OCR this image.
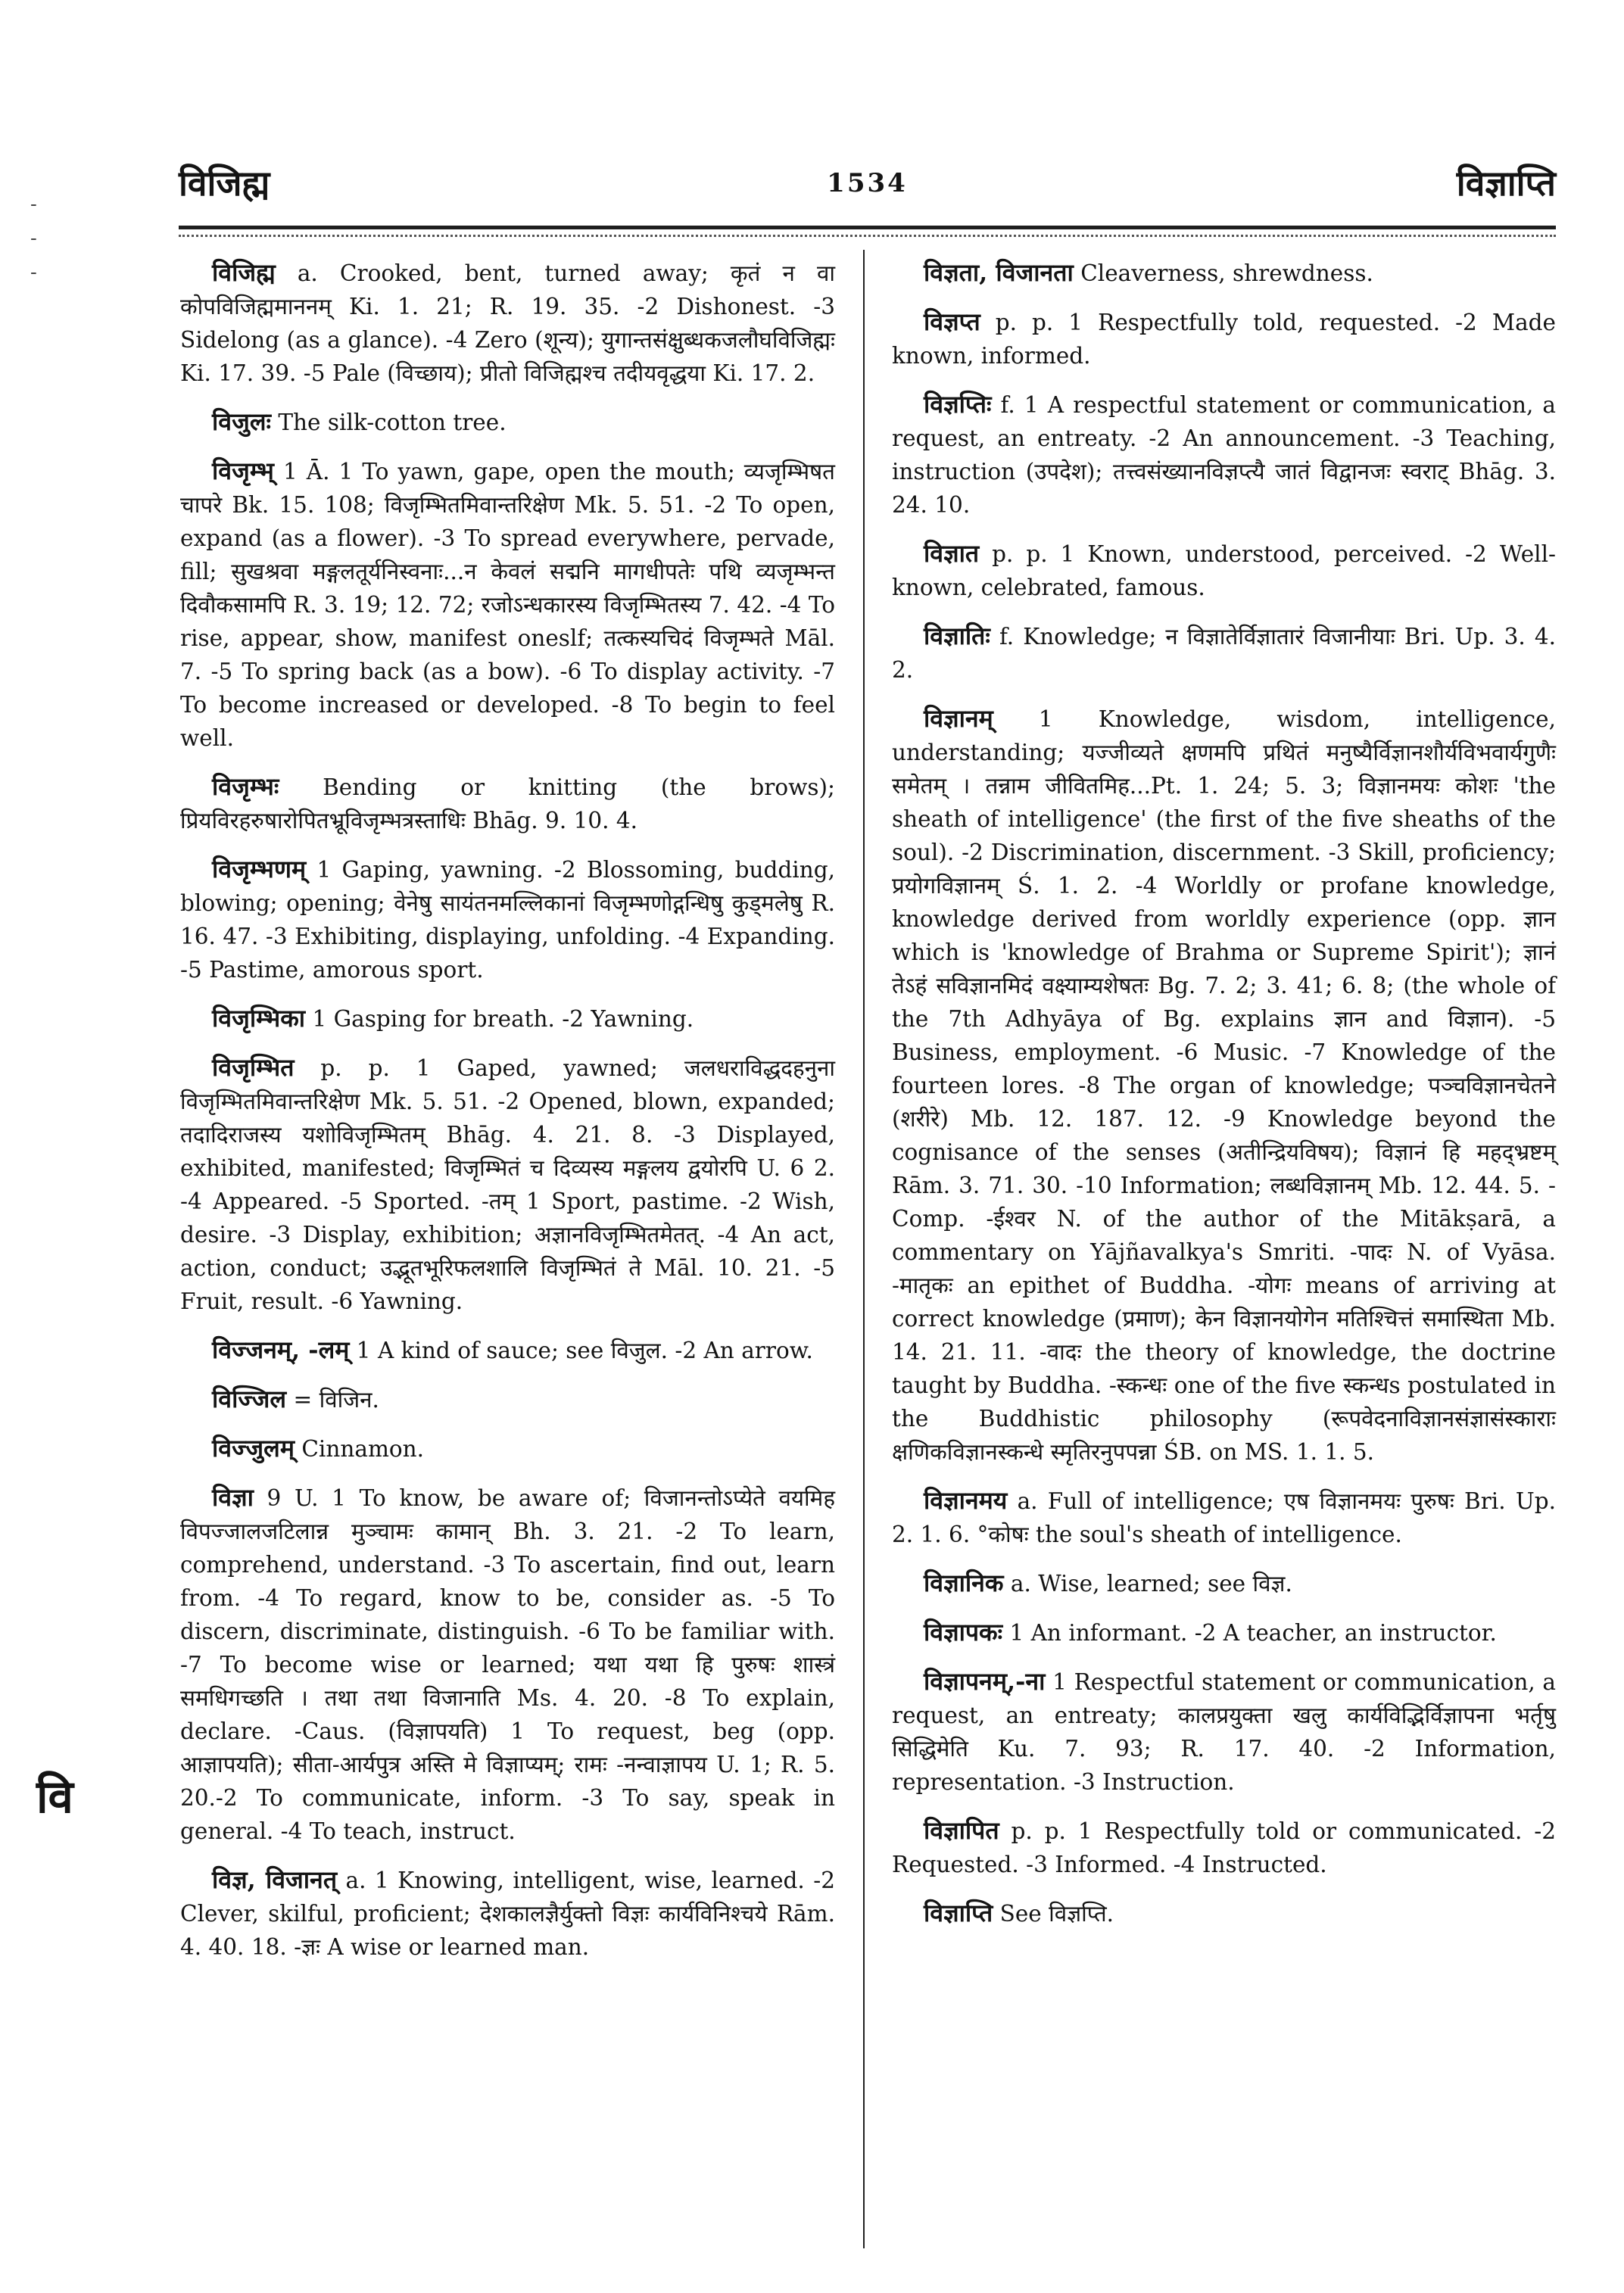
विजिह्म	1534	विज्ञाप्ति
-
-
-
वि

विजिह्म a. Crooked, bent, turned away; कृतं न वा कोपविजिह्ममाननम् Ki. 1. 21; R. 19. 35. -2 Dishonest. -3 Sidelong (as a glance). -4 Zero (शून्य); युगान्तसंक्षुब्धकजलौघविजिह्मः Ki. 17. 39. -5 Pale (विच्छाय); प्रीतो विजिह्मश्च तदीयवृद्धया Ki. 17. 2.

विजुलः The silk-cotton tree.

विजृम्भ् 1 Ā. 1 To yawn, gape, open the mouth; व्यजृम्भिषत चापरे Bk. 15. 108; विजृम्भितमिवान्तरिक्षेण Mk. 5. 51. -2 To open, expand (as a flower). -3 To spread everywhere, pervade, fill; सुखश्रवा मङ्गलतूर्यनिस्वनाः...न केवलं सद्मनि मागधीपतेः पथि व्यजृम्भन्त दिवौकसामपि R. 3. 19; 12. 72; रजोऽन्धकारस्य विजृम्भितस्य 7. 42. -4 To rise, appear, show, manifest oneslf; तत्कस्यचिदं विजृम्भते Māl. 7. -5 To spring back (as a bow). -6 To display activity. -7 To become increased or developed. -8 To begin to feel well.

विजृम्भः Bending or knitting (the brows); प्रियविरहरुषारोपितभ्रूविजृम्भत्रस्ताधिः Bhāg. 9. 10. 4.

विजृम्भणम् 1 Gaping, yawning. -2 Blossoming, budding, blowing; opening; वेनेषु सायंतनमल्लिकानां विजृम्भणोद्गन्धिषु कुड्मलेषु R. 16. 47. -3 Exhibiting, displaying, unfolding. -4 Expanding. -5 Pastime, amorous sport.

विजृम्भिका 1 Gasping for breath. -2 Yawning.

विजृम्भित p. p. 1 Gaped, yawned; जलधराविद्धदहनुना विजृम्भितमिवान्तरिक्षेण Mk. 5. 51. -2 Opened, blown, expanded; तदादिराजस्य यशोविजृम्भितम् Bhāg. 4. 21. 8. -3 Displayed, exhibited, manifested; विजृम्भितं च दिव्यस्य मङ्गलय द्वयोरपि U. 6 2. -4 Appeared. -5 Sported. -तम् 1 Sport, pastime. -2 Wish, desire. -3 Display, exhibition; अज्ञानविजृम्भितमेतत्. -4 An act, action, conduct; उद्भूतभूरिफलशालि विजृम्भितं ते Māl. 10. 21. -5 Fruit, result. -6 Yawning.

विज्जनम्, -लम् 1 A kind of sauce; see विजुल. -2 An arrow.

विज्जिल = विजिन.

विज्जुलम् Cinnamon.

विज्ञा 9 U. 1 To know, be aware of; विजानन्तोऽप्येते वयमिह विपज्जालजटिलान्न मुञ्चामः कामान् Bh. 3. 21. -2 To learn, comprehend, understand. -3 To ascertain, find out, learn from. -4 To regard, know to be, consider as. -5 To discern, discriminate, distinguish. -6 To be familiar with. -7 To become wise or learned; यथा यथा हि पुरुषः शास्त्रं समधिगच्छति । तथा तथा विजानाति Ms. 4. 20. -8 To explain, declare. -Caus. (विज्ञापयति) 1 To request, beg (opp. आज्ञापयति); सीता-आर्यपुत्र अस्ति मे विज्ञाप्यम्; रामः -नन्वाज्ञापय U. 1; R. 5. 20.-2 To communicate, inform. -3 To say, speak in general. -4 To teach, instruct.

विज्ञ, विजानत् a. 1 Knowing, intelligent, wise, learned. -2 Clever, skilful, proficient; देशकालज्ञैर्युक्तो विज्ञः कार्यविनिश्चये Rām. 4. 40. 18. -ज्ञः A wise or learned man.

विज्ञता, विजानता Cleaverness, shrewdness.

विज्ञप्त p. p. 1 Respectfully told, requested. -2 Made known, informed.

विज्ञप्तिः f. 1 A respectful statement or communication, a request, an entreaty. -2 An announcement. -3 Teaching, instruction (उपदेश); तत्त्वसंख्यानविज्ञप्त्यै जातं विद्वानजः स्वराट् Bhāg. 3. 24. 10.

विज्ञात p. p. 1 Known, understood, perceived. -2 Well-known, celebrated, famous.

विज्ञातिः f. Knowledge; न विज्ञातेर्विज्ञातारं विजानीयाः Bri. Up. 3. 4. 2.

विज्ञानम् 1 Knowledge, wisdom, intelligence, understanding; यज्जीव्यते क्षणमपि प्रथितं मनुष्यैर्विज्ञानशौर्यविभवार्यगुणैः समेतम् । तन्नाम जीवितमिह...Pt. 1. 24; 5. 3; विज्ञानमयः कोशः 'the sheath of intelligence' (the first of the five sheaths of the soul). -2 Discrimination, discernment. -3 Skill, proficiency; प्रयोगविज्ञानम् Ś. 1. 2. -4 Worldly or profane knowledge, knowledge derived from worldly experience (opp. ज्ञान which is 'knowledge of Brahma or Supreme Spirit'); ज्ञानं तेऽहं सविज्ञानमिदं वक्ष्याम्यशेषतः Bg. 7. 2; 3. 41; 6. 8; (the whole of the 7th Adhyāya of Bg. explains ज्ञान and विज्ञान). -5 Business, employment. -6 Music. -7 Knowledge of the fourteen lores. -8 The organ of knowledge; पञ्चविज्ञानचेतने (शरीरे) Mb. 12. 187. 12. -9 Knowledge beyond the cognisance of the senses (अतीन्द्रियविषय); विज्ञानं हि महद्भ्रष्टम् Rām. 3. 71. 30. -10 Information; लब्धविज्ञानम् Mb. 12. 44. 5. -Comp. -ईश्वर N. of the author of the Mitākṣarā, a commentary on Yājñavalkya's Smriti. -पादः N. of Vyāsa. -मातृकः an epithet of Buddha. -योगः means of arriving at correct knowledge (प्रमाण); केन विज्ञानयोगेन मतिश्चित्तं समास्थिता Mb. 14. 21. 11. -वादः the theory of knowledge, the doctrine taught by Buddha. -स्कन्धः one of the five स्कन्धs postulated in the Buddhistic philosophy (रूपवेदनाविज्ञानसंज्ञासंस्काराः क्षणिकविज्ञानस्कन्धे स्मृतिरनुपपन्ना ŚB. on MS. 1. 1. 5.

विज्ञानमय a. Full of intelligence; एष विज्ञानमयः पुरुषः Bri. Up. 2. 1. 6. °कोषः the soul's sheath of intelligence.

विज्ञानिक a. Wise, learned; see विज्ञ.

विज्ञापकः 1 An informant. -2 A teacher, an instructor.

विज्ञापनम्,-ना 1 Respectful statement or communication, a request, an entreaty; कालप्रयुक्ता खलु कार्यविद्भिर्विज्ञापना भर्तृषु सिद्धिमेति Ku. 7. 93; R. 17. 40. -2 Information, representation. -3 Instruction.

विज्ञापित p. p. 1 Respectfully told or communicated. -2 Requested. -3 Informed. -4 Instructed.

विज्ञाप्ति See विज्ञप्ति.
